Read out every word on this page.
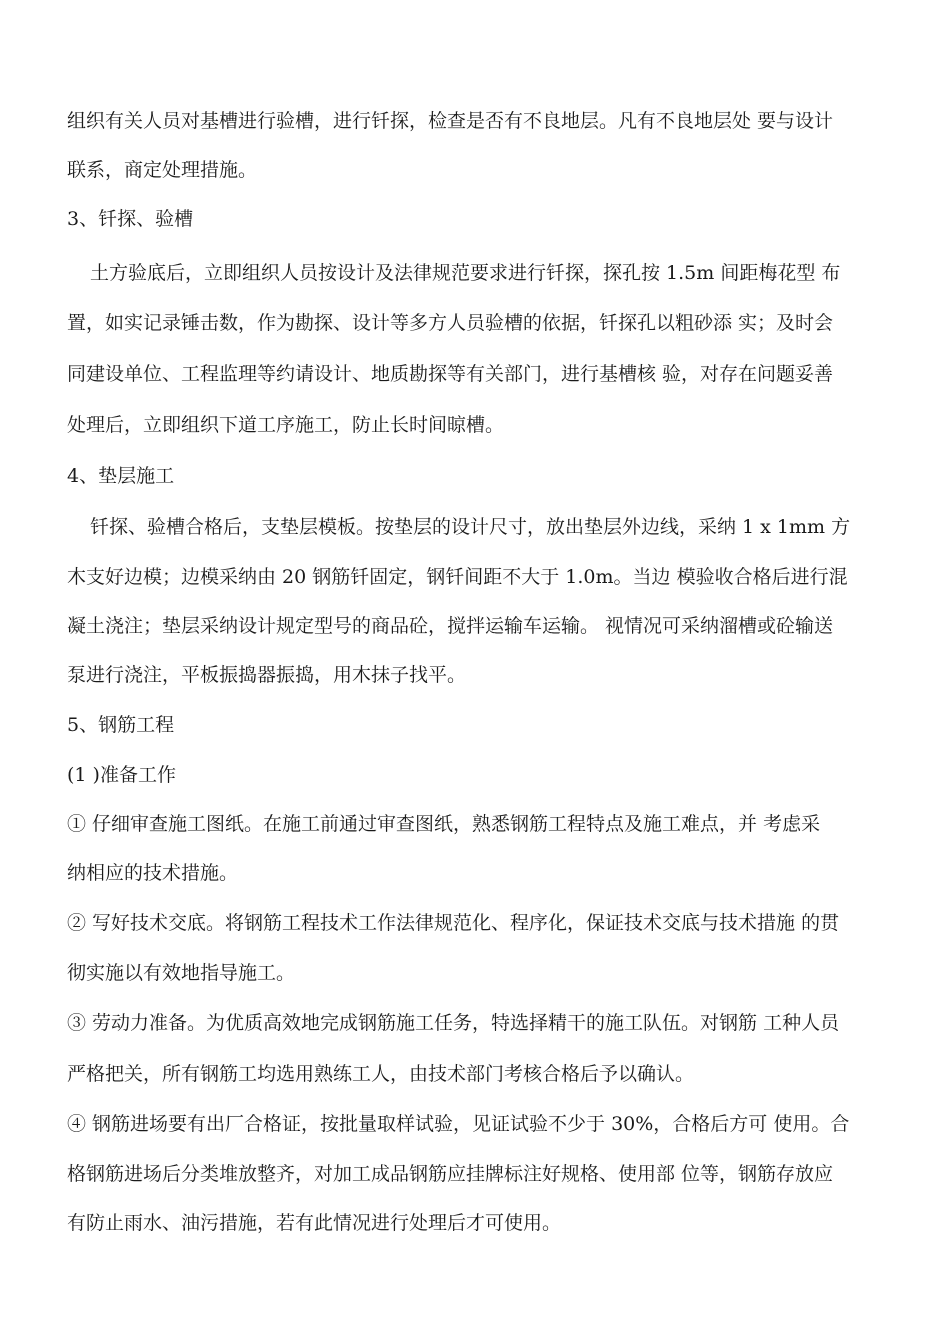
组织有关人员对基槽进行验槽，进行钎探，检查是否有不良地层。凡有不良地层处 要与设计
联系，商定处理措施。
3、钎探、验槽
土方验底后，立即组织人员按设计及法律规范要求进行钎探，探孔按 1.5m 间距梅花型 布
置，如实记录锤击数，作为勘探、设计等多方人员验槽的依据，钎探孔以粗砂添 实；及时会
同建设单位、工程监理等约请设计、地质勘探等有关部门，进行基槽核 验，对存在问题妥善
处理后，立即组织下道工序施工，防止长时间晾槽。
4、垫层施工
钎探、验槽合格后，支垫层模板。按垫层的设计尺寸，放出垫层外边线，采纳 1 x 1mm 方
木支好边模；边模采纳由 20 钢筋钎固定，钢钎间距不大于 1.0m。当边 模验收合格后进行混
凝土浇注；垫层采纳设计规定型号的商品砼，搅拌运输车运输。 视情况可采纳溜槽或砼输送
泵进行浇注，平板振捣器振捣，用木抹子找平。
5、钢筋工程
(1 )准备工作
① 仔细审查施工图纸。在施工前通过审查图纸，熟悉钢筋工程特点及施工难点，并 考虑采
纳相应的技术措施。
② 写好技术交底。将钢筋工程技术工作法律规范化、程序化，保证技术交底与技术措施 的贯
彻实施以有效地指导施工。
③ 劳动力准备。为优质高效地完成钢筋施工任务，特选择精干的施工队伍。对钢筋 工种人员
严格把关，所有钢筋工均选用熟练工人，由技术部门考核合格后予以确认。
④ 钢筋进场要有出厂合格证，按批量取样试验，见证试验不少于 30%，合格后方可 使用。合
格钢筋进场后分类堆放整齐，对加工成品钢筋应挂牌标注好规格、使用部 位等，钢筋存放应
有防止雨水、油污措施，若有此情况进行处理后才可使用。
